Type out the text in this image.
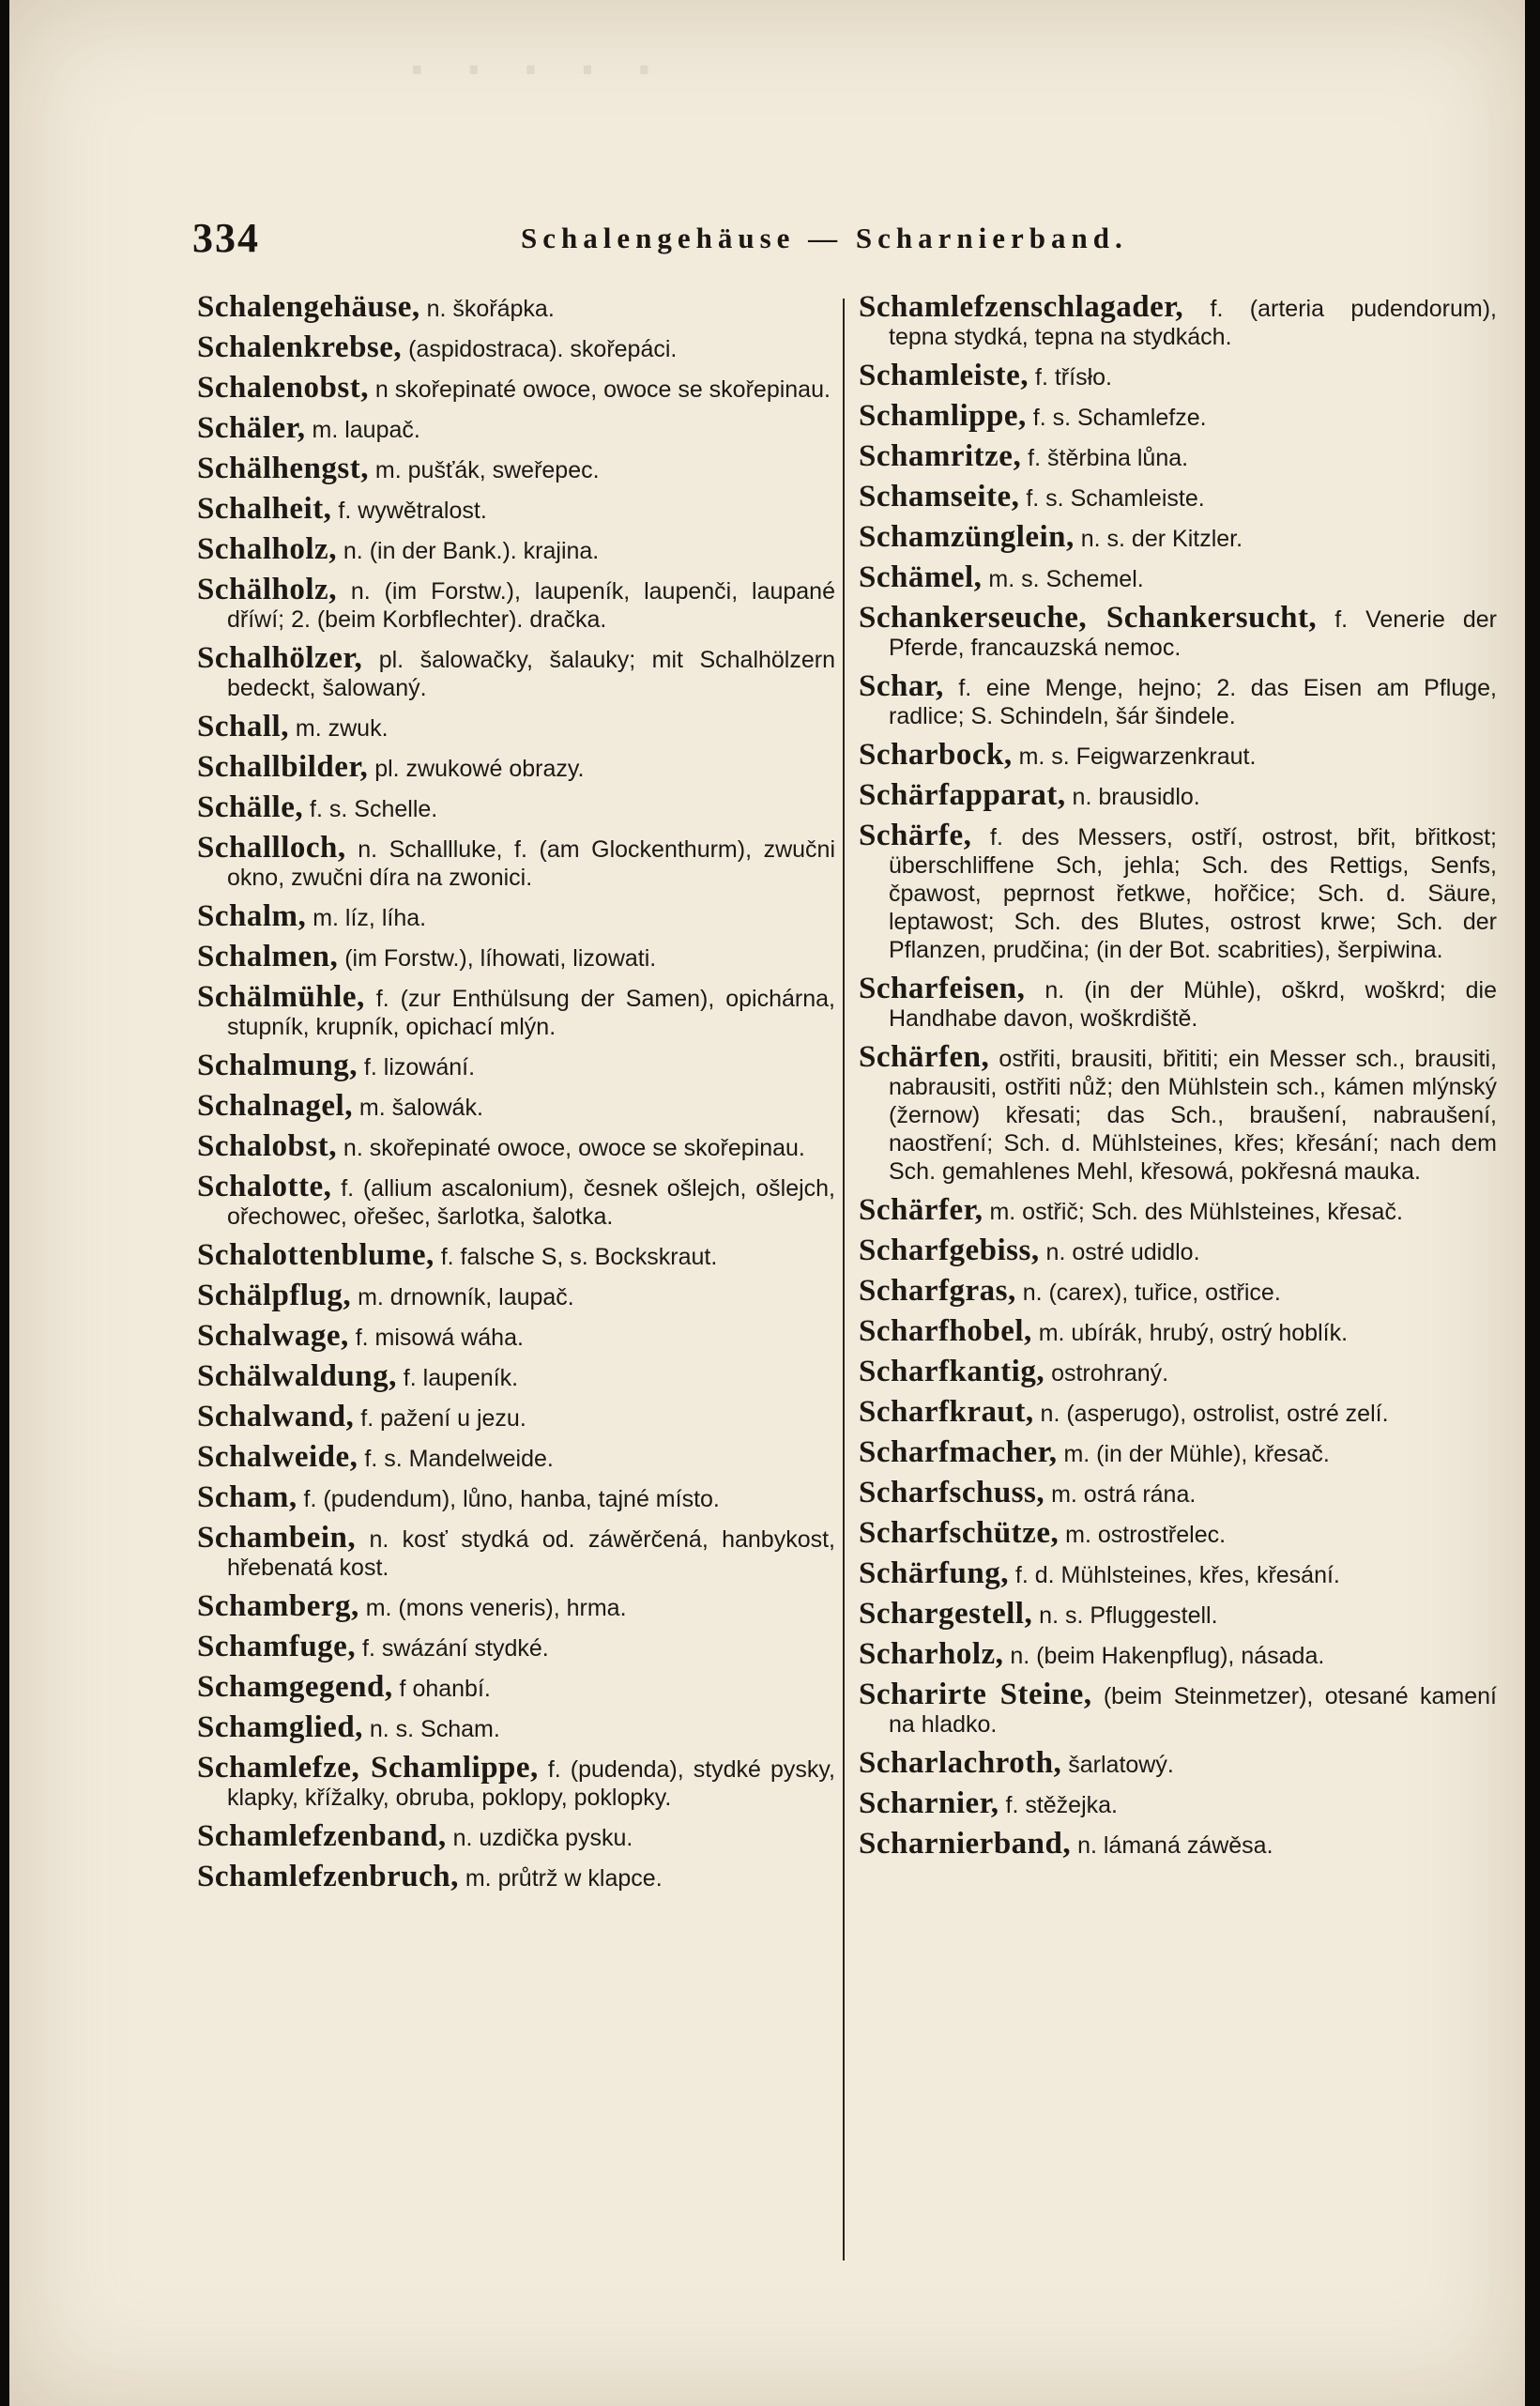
· · · · ·
334	Schalengehäuse — Scharnierband.
Schalengehäuse, n. škořápka.
Schalenkrebse, (aspidostraca). skořepáci.
Schalenobst, n skořepinaté owoce, owoce se skořepinau.
Schäler, m. laupač.
Schälhengst, m. pušťák, sweřepec.
Schalheit, f. wywětralost.
Schalholz, n. (in der Bank.). krajina.
Schälholz, n. (im Forstw.), laupeník, laupenči, laupané dříwí; 2. (beim Korbflechter). dračka.
Schalhölzer, pl. šalowačky, šalauky; mit Schalhölzern bedeckt, šalowaný.
Schall, m. zwuk.
Schallbilder, pl. zwukowé obrazy.
Schälle, f. s. Schelle.
Schallloch, n. Schallluke, f. (am Glockenthurm), zwučni okno, zwučni díra na zwonici.
Schalm, m. líz, líha.
Schalmen, (im Forstw.), líhowati, lizowati.
Schälmühle, f. (zur Enthülsung der Samen), opichárna, stupník, krupník, opichací mlýn.
Schalmung, f. lizowání.
Schalnagel, m. šalowák.
Schalobst, n. skořepinaté owoce, owoce se skořepinau.
Schalotte, f. (allium ascalonium), česnek ošlejch, ošlejch, ořechowec, ořešec, šarlotka, šalotka.
Schalottenblume, f. falsche S, s. Bockskraut.
Schälpflug, m. drnowník, laupač.
Schalwage, f. misowá wáha.
Schälwaldung, f. laupeník.
Schalwand, f. pažení u jezu.
Schalweide, f. s. Mandelweide.
Scham, f. (pudendum), lůno, hanba, tajné místo.
Schambein, n. kosť stydká od. záwěrčená, hanbykost, hřebenatá kost.
Schamberg, m. (mons veneris), hrma.
Schamfuge, f. swázání stydké.
Schamgegend, f ohanbí.
Schamglied, n. s. Scham.
Schamlefze, Schamlippe, f. (pudenda), stydké pysky, klapky, křížalky, obruba, poklopy, poklopky.
Schamlefzenband, n. uzdička pysku.
Schamlefzenbruch, m. průtrž w klapce.
Schamlefzenschlagader, f. (arteria pudendorum), tepna stydká, tepna na stydkách.
Schamleiste, f. třísło.
Schamlippe, f. s. Schamlefze.
Schamritze, f. štěrbina lůna.
Schamseite, f. s. Schamleiste.
Schamzünglein, n. s. der Kitzler.
Schämel, m. s. Schemel.
Schankerseuche, Schankersucht, f. Venerie der Pferde, francauzská nemoc.
Schar, f. eine Menge, hejno; 2. das Eisen am Pfluge, radlice; S. Schindeln, šár šindele.
Scharbock, m. s. Feigwarzenkraut.
Schärfapparat, n. brausidlo.
Schärfe, f. des Messers, ostří, ostrost, břit, břitkost; überschliffene Sch, jehla; Sch. des Rettigs, Senfs, čpawost, peprnost řetkwe, hořčice; Sch. d. Säure, leptawost; Sch. des Blutes, ostrost krwe; Sch. der Pflanzen, prudčina; (in der Bot. scabrities), šerpiwina.
Scharfeisen, n. (in der Mühle), oškrd, woškrd; die Handhabe davon, woškrdiště.
Schärfen, ostřiti, brausiti, břititi; ein Messer sch., brausiti, nabrausiti, ostřiti nůž; den Mühlstein sch., kámen mlýnský (žernow) křesati; das Sch., braušení, nabraušení, naostření; Sch. d. Mühlsteines, křes; křesání; nach dem Sch. gemahlenes Mehl, křesowá, pokřesná mauka.
Schärfer, m. ostřič; Sch. des Mühlsteines, křesač.
Scharfgebiss, n. ostré udidlo.
Scharfgras, n. (carex), tuřice, ostřice.
Scharfhobel, m. ubírák, hrubý, ostrý hoblík.
Scharfkantig, ostrohraný.
Scharfkraut, n. (asperugo), ostrolist, ostré zelí.
Scharfmacher, m. (in der Mühle), křesač.
Scharfschuss, m. ostrá rána.
Scharfschütze, m. ostrostřelec.
Schärfung, f. d. Mühlsteines, křes, křesání.
Schargestell, n. s. Pfluggestell.
Scharholz, n. (beim Hakenpflug), násada.
Scharirte Steine, (beim Steinmetzer), otesané kamení na hladko.
Scharlachroth, šarlatowý.
Scharnier, f. stěžejka.
Scharnierband, n. lámaná záwěsa.
